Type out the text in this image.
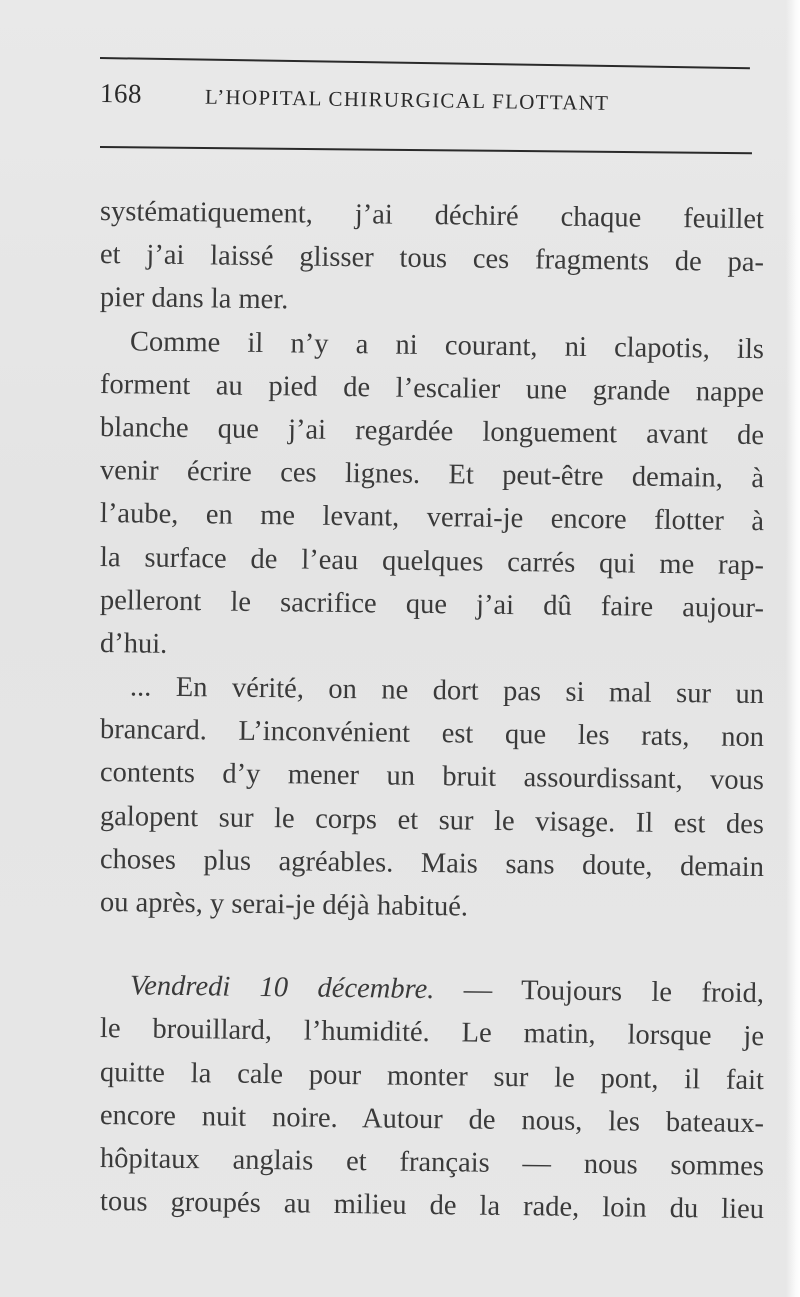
168	L’HOPITAL CHIRURGICAL FLOTTANT
systématiquement, j’ai déchiré chaque feuillet
et j’ai laissé glisser tous ces fragments de pa-
pier dans la mer.
Comme il n’y a ni courant, ni clapotis, ils
forment au pied de l’escalier une grande nappe
blanche que j’ai regardée longuement avant de
venir écrire ces lignes. Et peut-être demain, à
l’aube, en me levant, verrai-je encore flotter à
la surface de l’eau quelques carrés qui me rap-
pelleront le sacrifice que j’ai dû faire aujour-
d’hui.
... En vérité, on ne dort pas si mal sur un
brancard. L’inconvénient est que les rats, non
contents d’y mener un bruit assourdissant, vous
galopent sur le corps et sur le visage. Il est des
choses plus agréables. Mais sans doute, demain
ou après, y serai-je déjà habitué.
Vendredi 10 décembre. — Toujours le froid,
le brouillard, l’humidité. Le matin, lorsque je
quitte la cale pour monter sur le pont, il fait
encore nuit noire. Autour de nous, les bateaux-
hôpitaux anglais et français — nous sommes
tous groupés au milieu de la rade, loin du lieu
